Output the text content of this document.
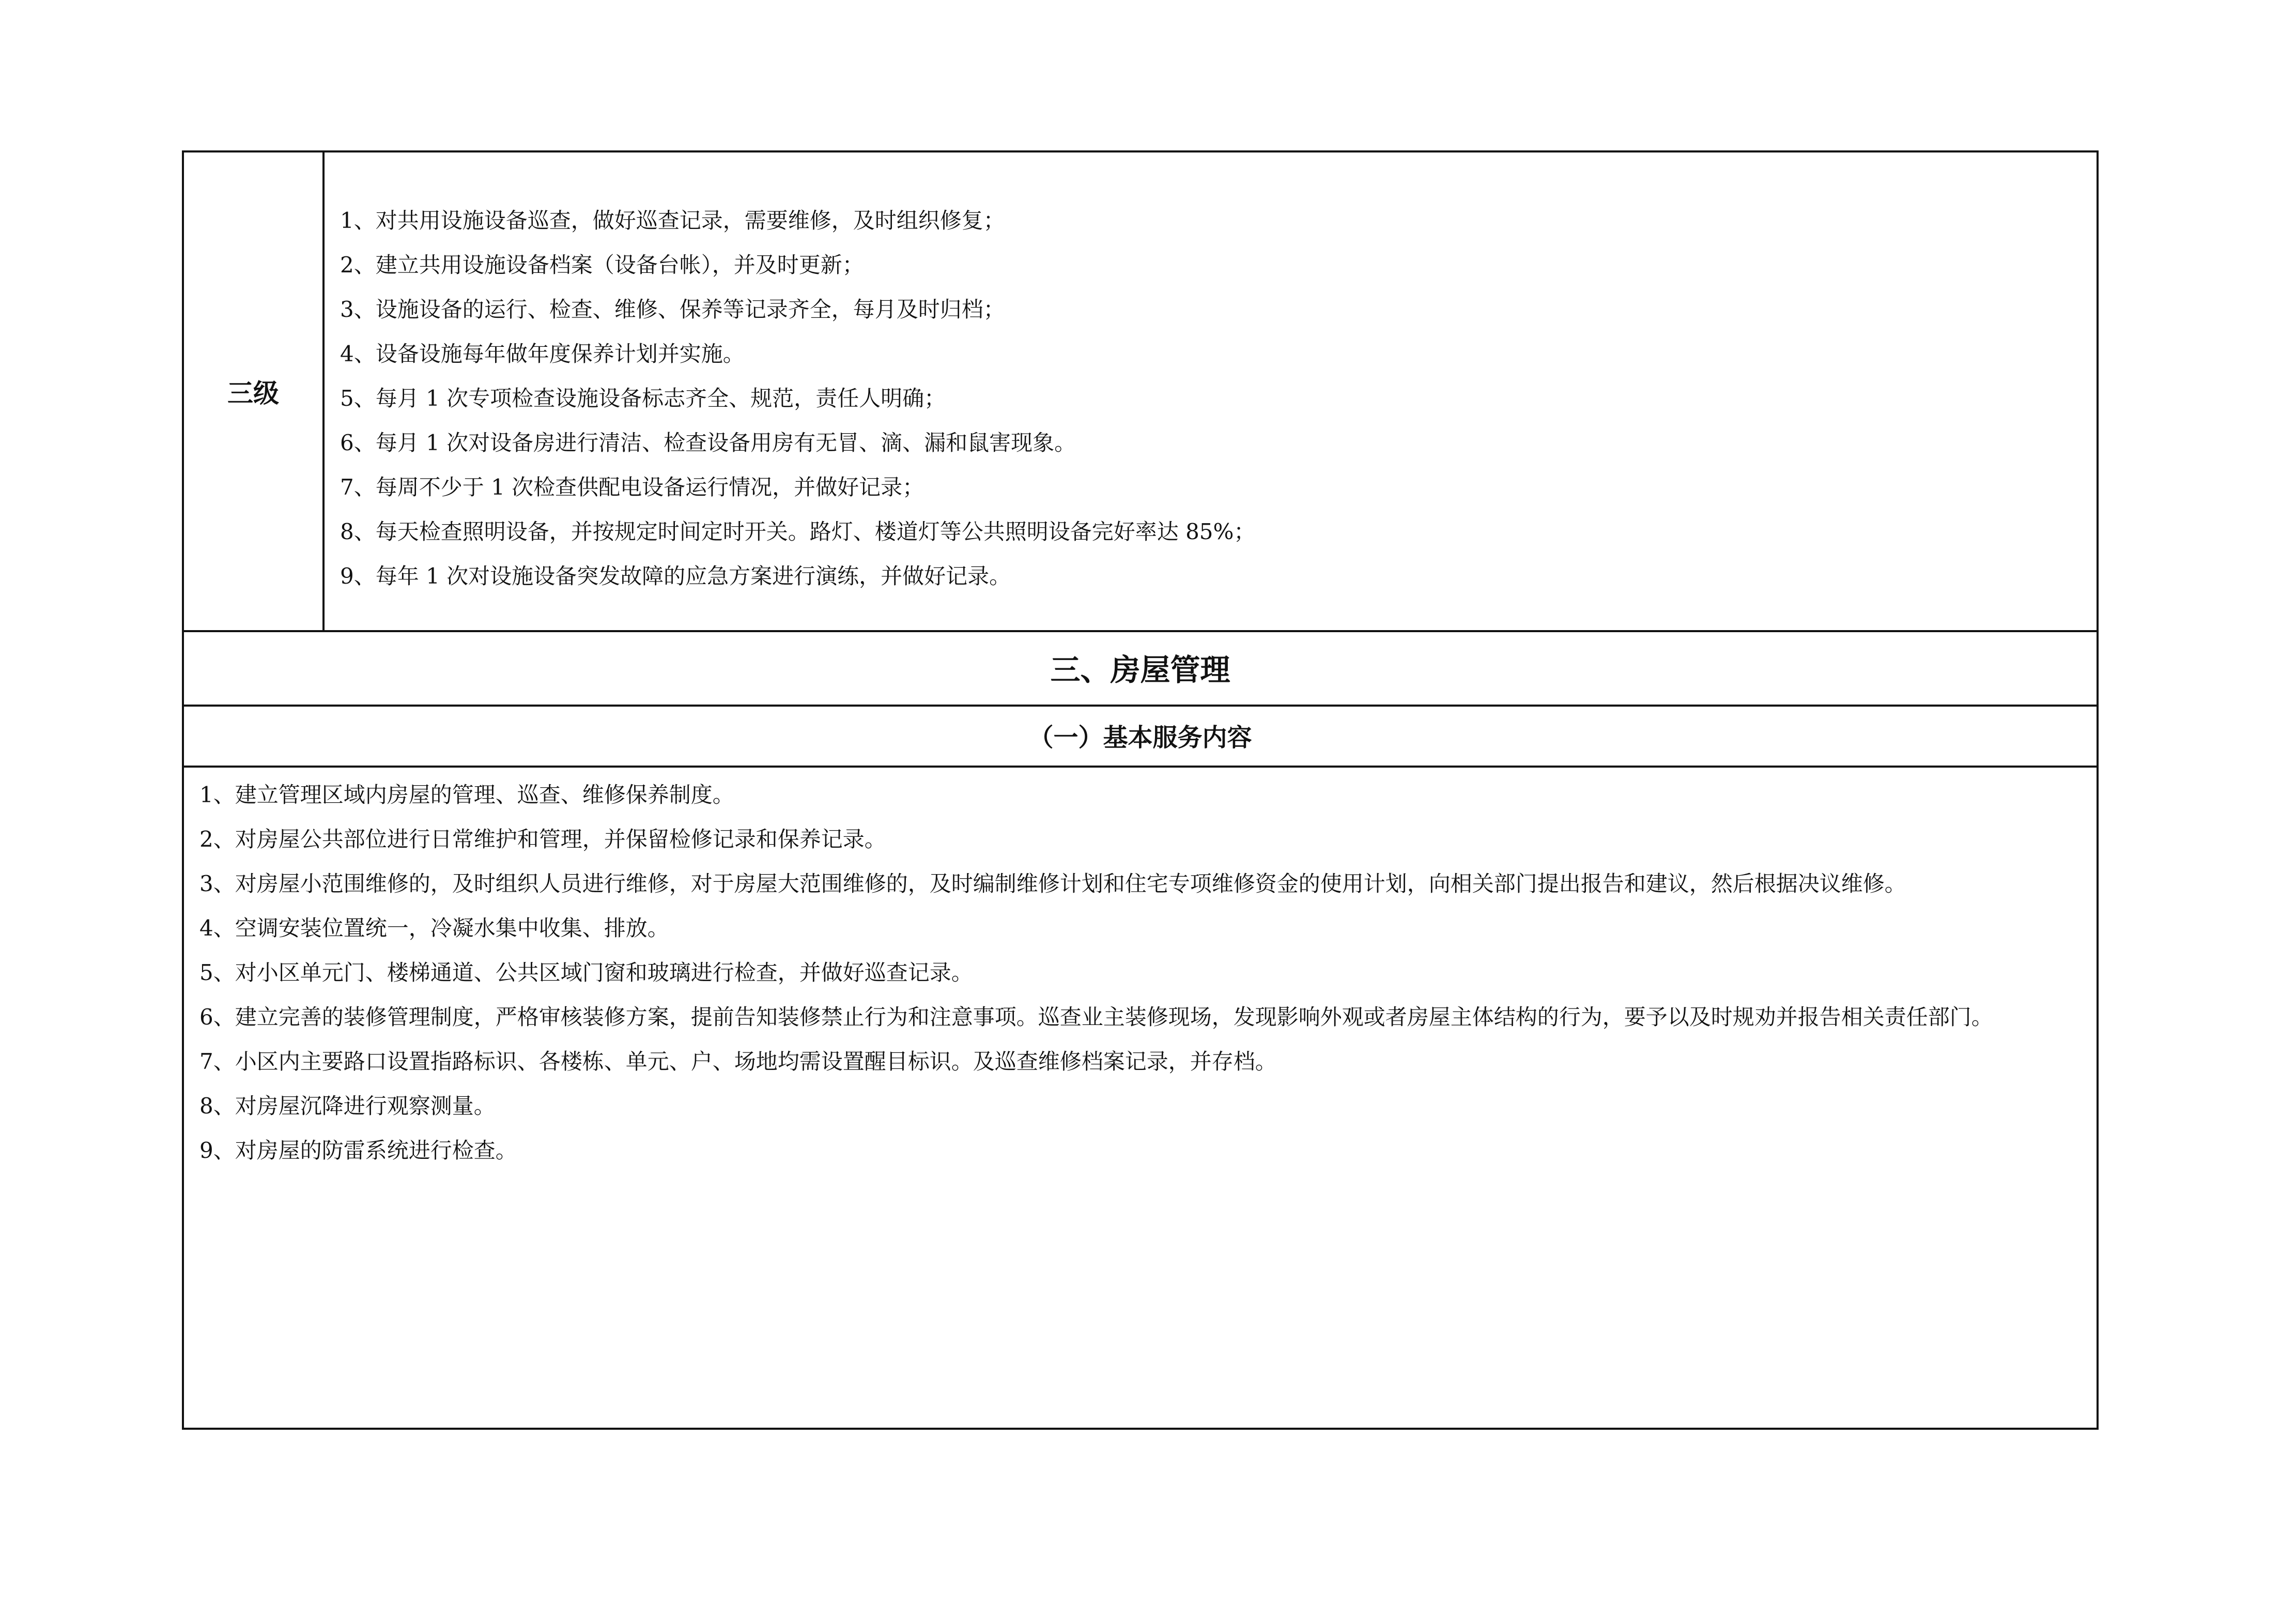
三级
1、对共用设施设备巡查，做好巡查记录，需要维修，及时组织修复；
2、建立共用设施设备档案（设备台帐），并及时更新；
3、设施设备的运行、检查、维修、保养等记录齐全，每月及时归档；
4、设备设施每年做年度保养计划并实施。
5、每月 1 次专项检查设施设备标志齐全、规范，责任人明确；
6、每月 1 次对设备房进行清洁、检查设备用房有无冒、滴、漏和鼠害现象。
7、每周不少于 1 次检查供配电设备运行情况，并做好记录；
8、每天检查照明设备，并按规定时间定时开关。路灯、楼道灯等公共照明设备完好率达 85%；
9、每年 1 次对设施设备突发故障的应急方案进行演练，并做好记录。
三、房屋管理
（一）基本服务内容
1、建立管理区域内房屋的管理、巡查、维修保养制度。
2、对房屋公共部位进行日常维护和管理，并保留检修记录和保养记录。
3、对房屋小范围维修的，及时组织人员进行维修，对于房屋大范围维修的，及时编制维修计划和住宅专项维修资金的使用计划，向相关部门提出报告和建议，然后根据决议维修。
4、空调安装位置统一，冷凝水集中收集、排放。
5、对小区单元门、楼梯通道、公共区域门窗和玻璃进行检查，并做好巡查记录。
6、建立完善的装修管理制度，严格审核装修方案，提前告知装修禁止行为和注意事项。巡查业主装修现场，发现影响外观或者房屋主体结构的行为，要予以及时规劝并报告相关责任部门。
7、小区内主要路口设置指路标识、各楼栋、单元、户、场地均需设置醒目标识。及巡查维修档案记录，并存档。
8、对房屋沉降进行观察测量。
9、对房屋的防雷系统进行检查。
